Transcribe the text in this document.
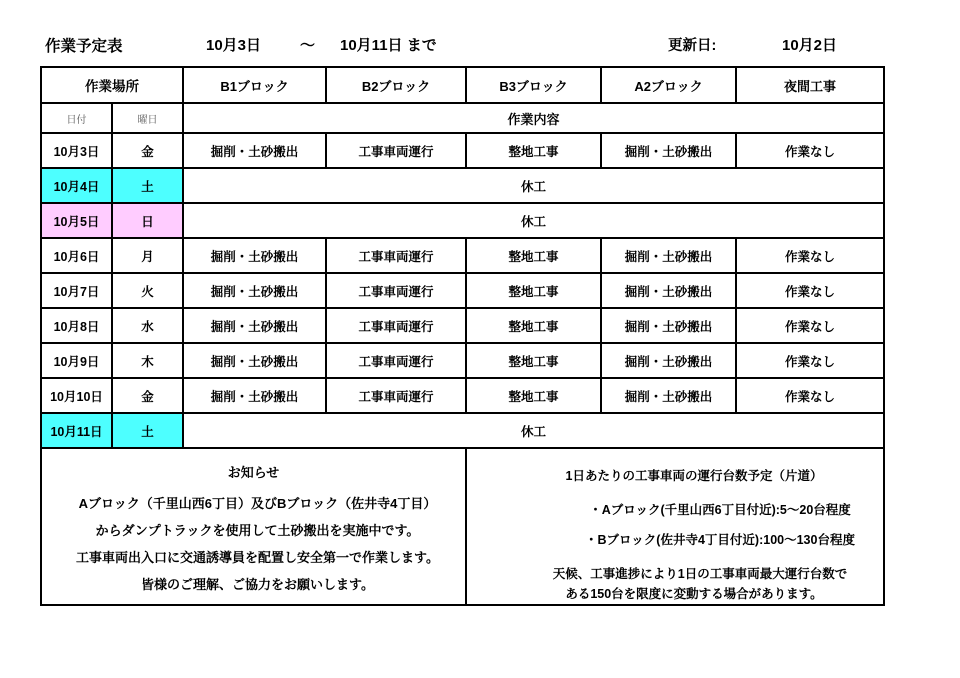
作業予定表	10月3日	～ 10月11日 まで	更新日:	10月2日
作業場所		B1ブロック	B2ブロック	B3ブロック	A2ブロック	夜間工事
日付	曜日	作業内容				
10月3日	金	掘削・土砂搬出	工事車両運行	整地工事	掘削・土砂搬出	作業なし
10月4日	土	休工				
10月5日	日	休工				
10月6日	月	掘削・土砂搬出	工事車両運行	整地工事	掘削・土砂搬出	作業なし
10月7日	火	掘削・土砂搬出	工事車両運行	整地工事	掘削・土砂搬出	作業なし
10月8日	水	掘削・土砂搬出	工事車両運行	整地工事	掘削・土砂搬出	作業なし
10月9日	木	掘削・土砂搬出	工事車両運行	整地工事	掘削・土砂搬出	作業なし
10月10日	金	掘削・土砂搬出	工事車両運行	整地工事	掘削・土砂搬出	作業なし
10月11日	土	休工				

お知らせ
Aブロック（千里山西6丁目）及びBブロック（佐井寺4丁目）
からダンプトラックを使用して土砂搬出を実施中です。
工事車両出入口に交通誘導員を配置し安全第一で作業します。
皆様のご理解、ご協力をお願いします。

1日あたりの工事車両の運行台数予定（片道）
・Aブロック(千里山西6丁目付近):5～20台程度
・Bブロック(佐井寺4丁目付近):100～130台程度
天候、工事進捗により1日の工事車両最大運行台数で
ある150台を限度に変動する場合があります。
